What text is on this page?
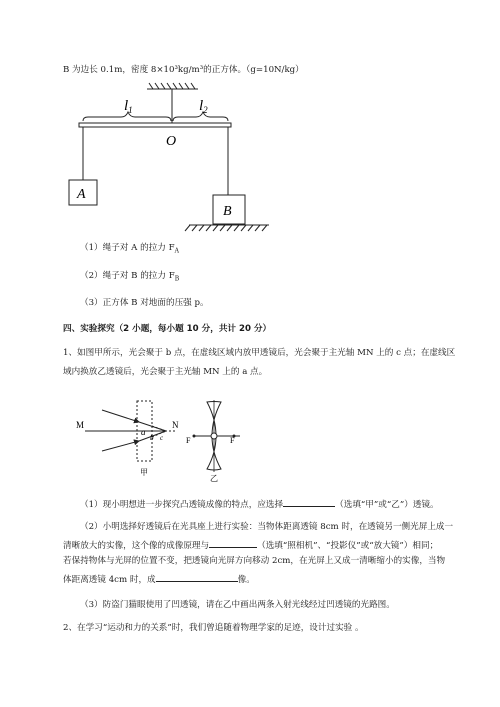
B 为边长 0.1m，密度 8×10³kg/m³的正方体。（g=10N/kg）
$l_1$	$l_2$
O
A
B
（1）绳子对 A 的拉力 $F_A$
（2）绳子对 B 的拉力 $F_B$
（3）正方体 B 对地面的压强 p。
四、实验探究（2 小题，每小题 10 分，共计 20 分）
1、如图甲所示，光会聚于 b 点，在虚线区域内放甲透镜后，光会聚于主光轴 MN 上的 c 点；在虚线区
域内换放乙透镜后，光会聚于主光轴 MN 上的 a 点。
M	N
a
b c
甲
F	F
乙
（1）现小明想进一步探究凸透镜成像的特点，应选择	（选填“甲”或“乙”）透镜。
（2）小明选择好透镜后在光具座上进行实验：当物体距离透镜 8cm 时，在透镜另一侧光屏上成一
清晰放大的实像，这个像的成像原理与	（选填“照相机”、“投影仪”或“放大镜”）相同；
若保持物体与光屏的位置不变，把透镜向光屏方向移动 2cm，在光屏上又成一清晰缩小的实像，当物
体距离透镜 4cm 时，成	像。
（3）防盗门猫眼使用了凹透镜，请在乙中画出两条入射光线经过凹透镜的光路图。
2、在学习“运动和力的关系”时，我们曾追随着物理学家的足迹，设计过实验 。
